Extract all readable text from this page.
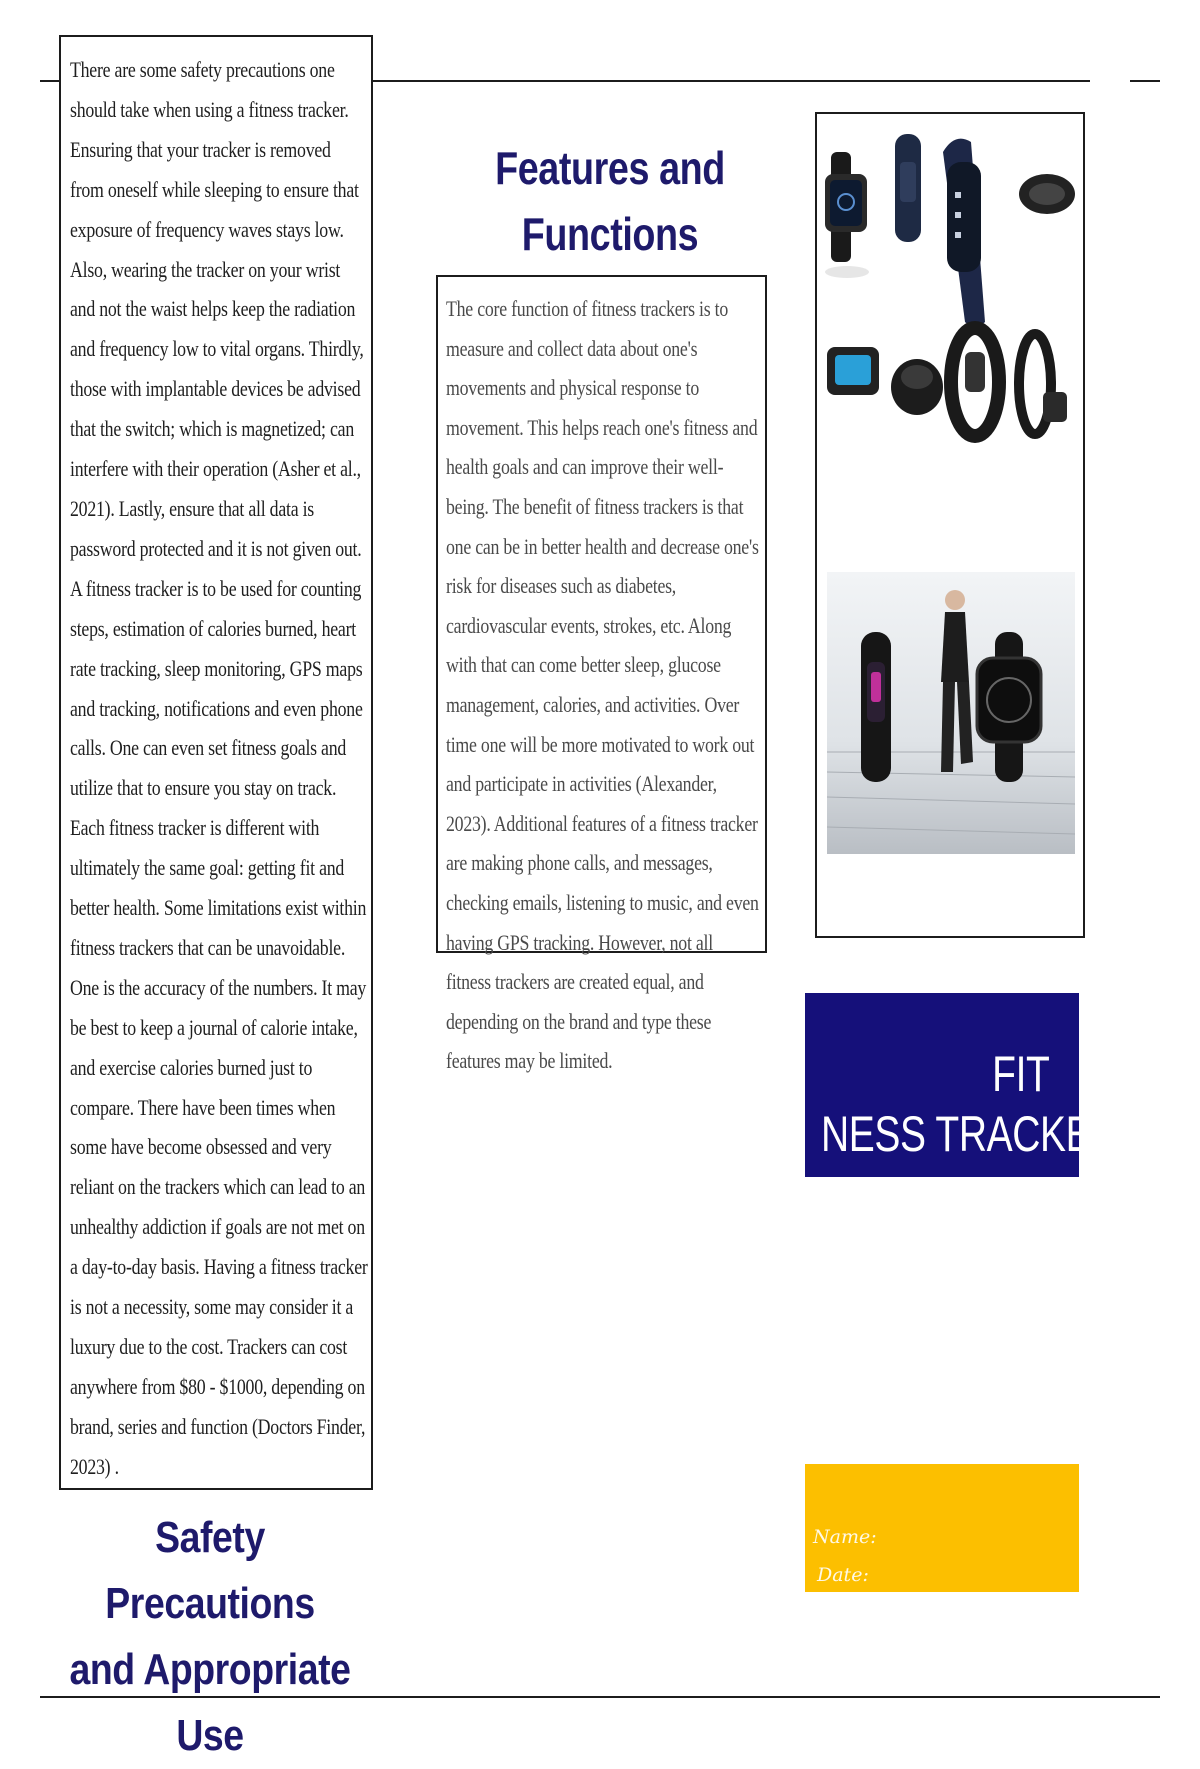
There are some safety precautions one should take when using a fitness tracker. Ensuring that your tracker is removed from oneself while sleeping to ensure that exposure of frequency waves stays low. Also, wearing the tracker on your wrist and not the waist helps keep the radiation and frequency low to vital organs. Thirdly, those with implantable devices be advised that the switch; which is magnetized; can interfere with their operation (Asher et al., 2021). Lastly, ensure that all data is password protected and it is not given out. A fitness tracker is to be used for counting steps, estimation of calories burned, heart rate tracking, sleep monitoring, GPS maps and tracking, notifications and even phone calls. One can even set fitness goals and utilize that to ensure you stay on track. Each fitness tracker is different with ultimately the same goal: getting fit and better health. Some limitations exist within fitness trackers that can be unavoidable. One is the accuracy of the numbers. It may be best to keep a journal of calorie intake, and exercise calories burned just to compare. There have been times when some have become obsessed and very reliant on the trackers which can lead to an unhealthy addiction if goals are not met on a day-to-day basis. Having a fitness tracker is not a necessity, some may consider it a luxury due to the cost. Trackers can cost anywhere from $80 - $1000, depending on brand, series and function (Doctors Finder, 2023) .
Safety Precautions
and Appropriate Use
Features and
Functions
The core function of fitness trackers is to measure and collect data about one's movements and physical response to movement. This helps reach one's fitness and health goals and can improve their well-being. The benefit of fitness trackers is that one can be in better health and decrease one's risk for diseases such as diabetes, cardiovascular events, strokes, etc. Along with that can come better sleep, glucose management, calories, and activities. Over time one will be more motivated to work out and participate in activities (Alexander, 2023). Additional features of a fitness tracker are making phone calls, and messages, checking emails, listening to music, and even having GPS tracking. However, not all fitness trackers are created equal, and depending on the brand and type these features may be limited.	FIT
NESS TRACKERS
Name:
Date:
